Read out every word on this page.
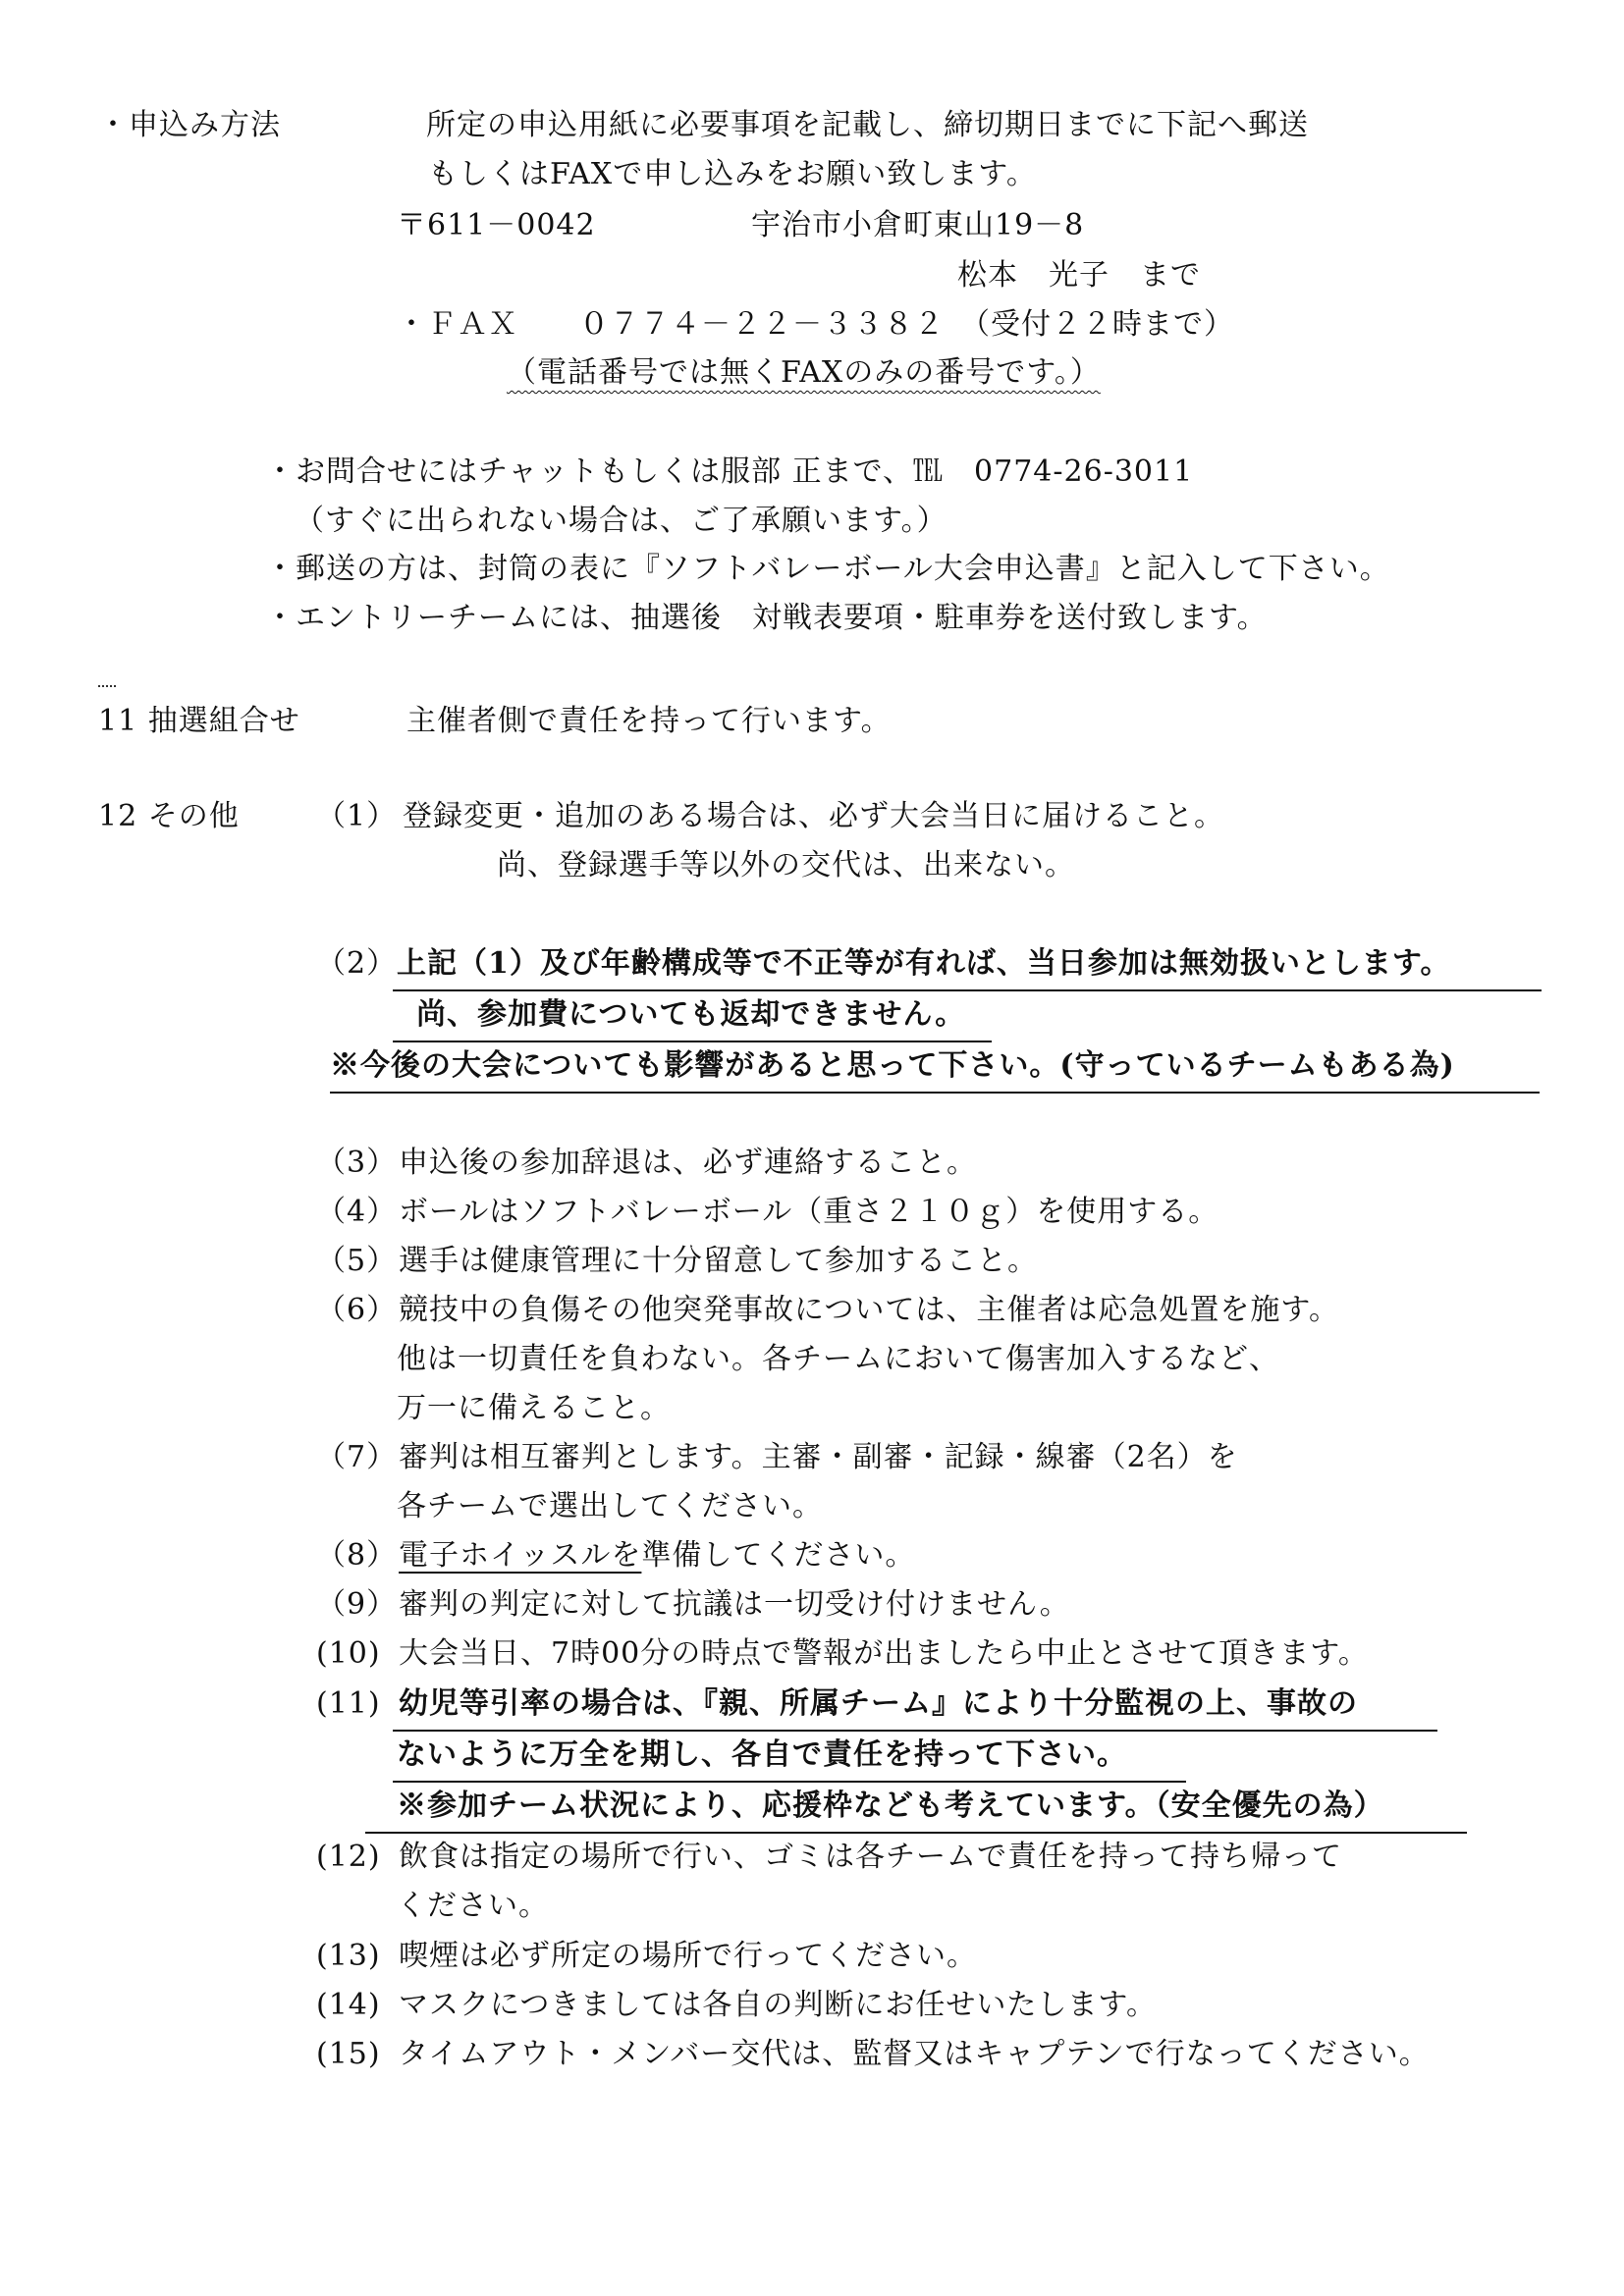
・申込み方法	所定の申込用紙に必要事項を記載し、締切期日までに下記へ郵送
もしくはFAXで申し込みをお願い致します。
〒611－0042	宇治市小倉町東山19－8
松本　光子　まで
・ＦＡＸ　　０７７４－２２－３３８２　（受付２２時まで）
（電話番号では無くFAXのみの番号です。）
・お問合せにはチャットもしくは服部 正まで、℡　0774-26-3011
（すぐに出られない場合は、ご了承願います。）
・郵送の方は、封筒の表に『ソフトバレーボール大会申込書』と記入して下さい。
・エントリーチームには、抽選後　対戦表要項・駐車券を送付致します。
11 抽選組合せ	主催者側で責任を持って行います。
12 その他	（1） 登録変更・追加のある場合は、必ず大会当日に届けること。
尚、登録選手等以外の交代は、出来ない。
（2） 上記（1）及び年齢構成等で不正等が有れば、当日参加は無効扱いとします。
尚、参加費についても返却できません。
※今後の大会についても影響があると思って下さい。(守っているチームもある為)
（3） 申込後の参加辞退は、必ず連絡すること。
（4） ボールはソフトバレーボール（重さ２１０ｇ）を使用する。
（5） 選手は健康管理に十分留意して参加すること。
（6） 競技中の負傷その他突発事故については、主催者は応急処置を施す。
他は一切責任を負わない。各チームにおいて傷害加入するなど、
万一に備えること。
（7） 審判は相互審判とします。主審・副審・記録・線審（2名）を
各チームで選出してください。
（8） 電子ホイッスルを準備してください。
（9） 審判の判定に対して抗議は一切受け付けません。
(10) 大会当日、7時00分の時点で警報が出ましたら中止とさせて頂きます。
(11) 幼児等引率の場合は、『親、所属チーム』により十分監視の上、事故の
ないように万全を期し、各自で責任を持って下さい。
※参加チーム状況により、応援枠なども考えています。（安全優先の為）
(12) 飲食は指定の場所で行い、ゴミは各チームで責任を持って持ち帰って
ください。
(13) 喫煙は必ず所定の場所で行ってください。
(14) マスクにつきましては各自の判断にお任せいたします。
(15) タイムアウト・メンバー交代は、監督又はキャプテンで行なってください。
